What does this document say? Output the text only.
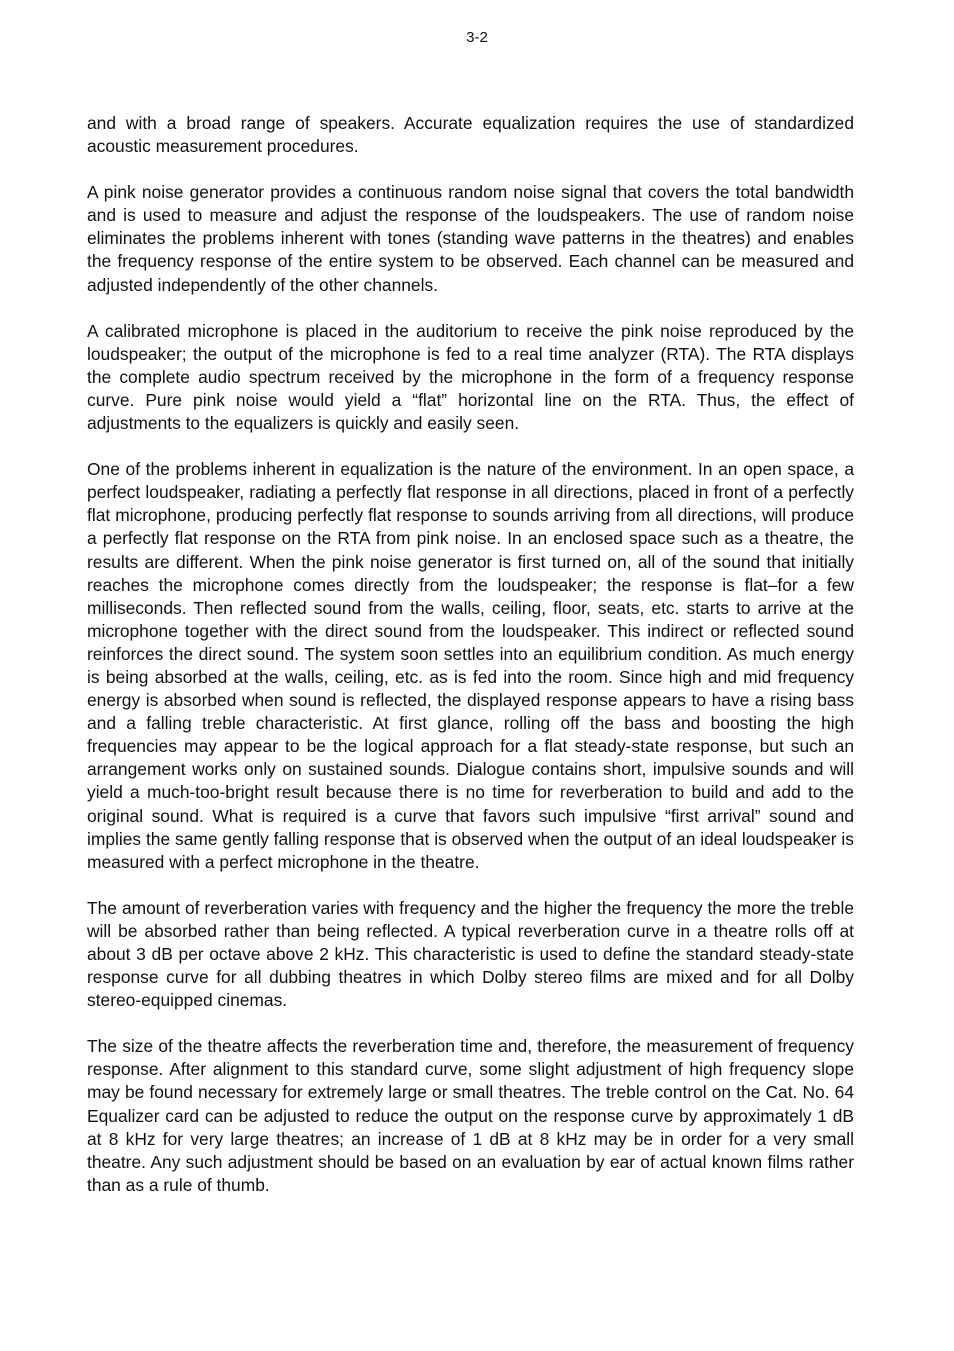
3-2

and with a broad range of speakers. Accurate equalization requires the use of standardized acoustic measurement procedures.

A pink noise generator provides a continuous random noise signal that covers the total bandwidth and is used to measure and adjust the response of the loudspeakers. The use of random noise eliminates the problems inherent with tones (standing wave patterns in the theatres) and enables the frequency response of the entire system to be observed. Each channel can be measured and adjusted independently of the other channels.

A calibrated microphone is placed in the auditorium to receive the pink noise reproduced by the loudspeaker; the output of the microphone is fed to a real time analyzer (RTA). The RTA displays the complete audio spectrum received by the microphone in the form of a frequency response curve. Pure pink noise would yield a “flat” horizontal line on the RTA. Thus, the effect of adjustments to the equalizers is quickly and easily seen.

One of the problems inherent in equalization is the nature of the environment. In an open space, a perfect loudspeaker, radiating a perfectly flat response in all directions, placed in front of a perfectly flat microphone, producing perfectly flat response to sounds arriving from all directions, will produce a perfectly flat response on the RTA from pink noise. In an enclosed space such as a theatre, the results are different. When the pink noise generator is first turned on, all of the sound that initially reaches the microphone comes directly from the loudspeaker; the response is flat–for a few milliseconds. Then reflected sound from the walls, ceiling, floor, seats, etc. starts to arrive at the microphone together with the direct sound from the loudspeaker. This indirect or reflected sound reinforces the direct sound. The system soon settles into an equilibrium condition. As much energy is being absorbed at the walls, ceiling, etc. as is fed into the room. Since high and mid frequency energy is absorbed when sound is reflected, the displayed response appears to have a rising bass and a falling treble characteristic. At first glance, rolling off the bass and boosting the high frequencies may appear to be the logical approach for a flat steady-state response, but such an arrangement works only on sustained sounds. Dialogue contains short, impulsive sounds and will yield a much-too-bright result because there is no time for reverberation to build and add to the original sound. What is required is a curve that favors such impulsive “first arrival” sound and implies the same gently falling response that is observed when the output of an ideal loudspeaker is measured with a perfect microphone in the theatre.

The amount of reverberation varies with frequency and the higher the frequency the more the treble will be absorbed rather than being reflected. A typical reverberation curve in a theatre rolls off at about 3 dB per octave above 2 kHz. This characteristic is used to define the standard steady-state response curve for all dubbing theatres in which Dolby stereo films are mixed and for all Dolby stereo-equipped cinemas.

The size of the theatre affects the reverberation time and, therefore, the measurement of frequency response. After alignment to this standard curve, some slight adjustment of high frequency slope may be found necessary for extremely large or small theatres. The treble control on the Cat. No. 64 Equalizer card can be adjusted to reduce the output on the response curve by approximately 1 dB at 8 kHz for very large theatres; an increase of 1 dB at 8 kHz may be in order for a very small theatre. Any such adjustment should be based on an evaluation by ear of actual known films rather than as a rule of thumb.
